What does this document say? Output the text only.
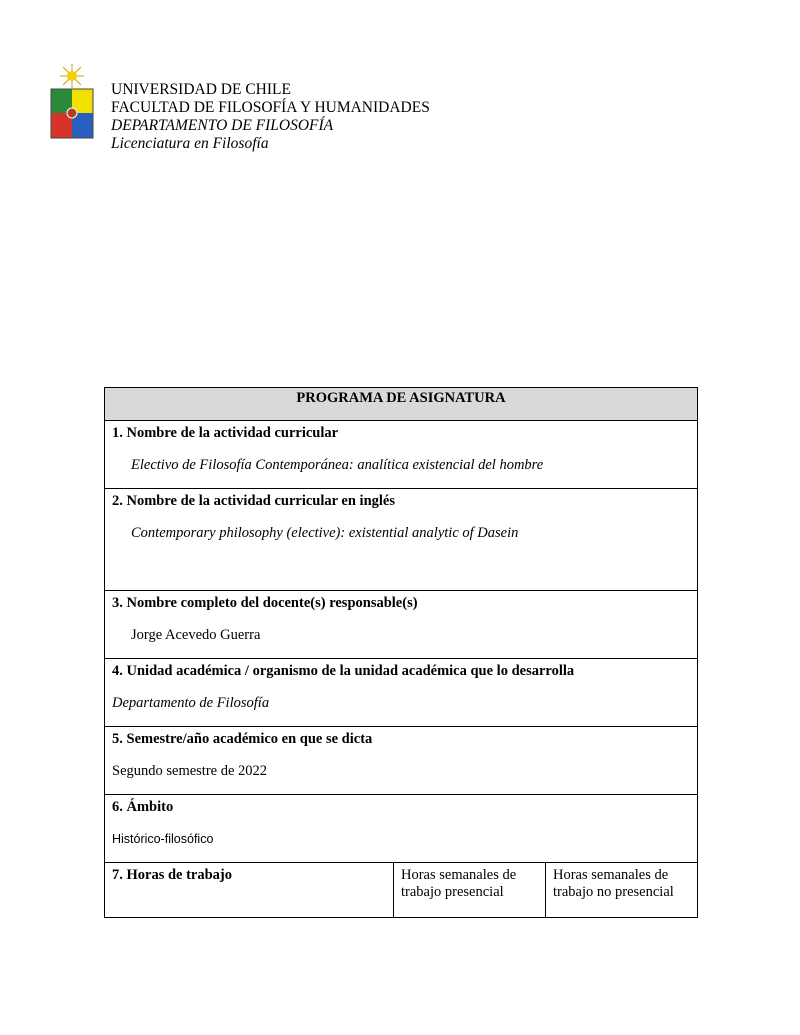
UNIVERSIDAD DE CHILE
FACULTAD DE FILOSOFÍA Y HUMANIDADES
DEPARTAMENTO DE FILOSOFÍA
Licenciatura en Filosofía
PROGRAMA DE ASIGNATURA

1. Nombre de la actividad curricular
Electivo de Filosofía Contemporánea: analítica existencial del hombre

2. Nombre de la actividad curricular en inglés
Contemporary philosophy (elective): existential analytic of Dasein

3. Nombre completo del docente(s) responsable(s)
Jorge Acevedo Guerra

4. Unidad académica / organismo de la unidad académica que lo desarrolla
Departamento de Filosofía

5. Semestre/año académico en que se dicta
Segundo semestre de 2022

6. Ámbito
Histórico-filosófico
7. Horas de trabajo	Horas semanales de trabajo presencial	Horas semanales de trabajo no presencial
